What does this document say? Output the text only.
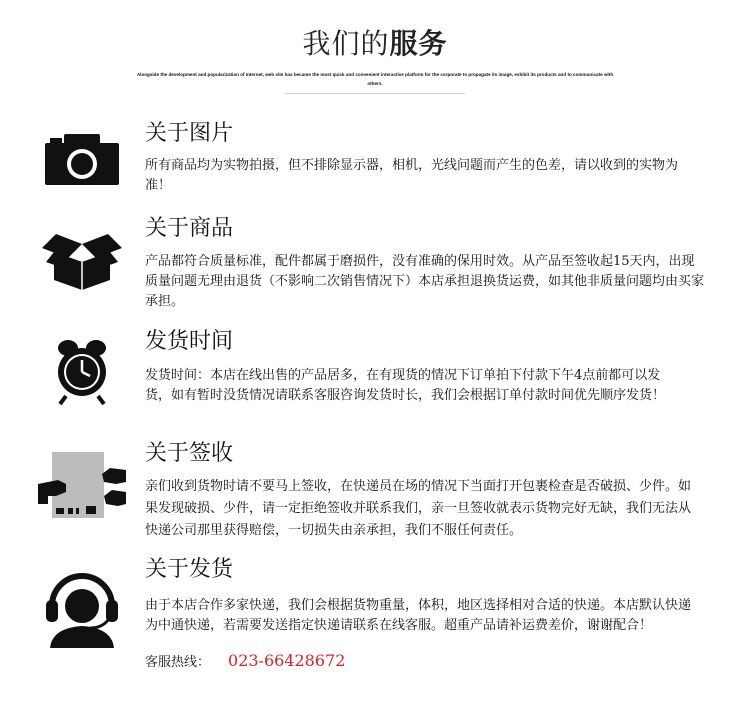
我们的服务
Alongside the development and popularization of Internet, web site has became the most quick and convenient interactive platform for the corporate to propagate its image, exhibit its products and to communicate with others.
关于图片
所有商品均为实物拍摄，但不排除显示器，相机，光线问题而产生的色差，请以收到的实物为准！
关于商品
产品都符合质量标准，配件都属于磨损件，没有准确的保用时效。从产品至签收起15天内，出现质量问题无理由退货（不影响二次销售情况下）本店承担退换货运费，如其他非质量问题均由买家承担。
发货时间
发货时间：本店在线出售的产品居多，在有现货的情况下订单拍下付款下午4点前都可以发货，如有暂时没货情况请联系客服咨询发货时长，我们会根据订单付款时间优先顺序发货！
关于签收
亲们收到货物时请不要马上签收，在快递员在场的情况下当面打开包裹检查是否破损、少件。如果发现破损、少件，请一定拒绝签收并联系我们，亲一旦签收就表示货物完好无缺，我们无法从快递公司那里获得赔偿，一切损失由亲承担，我们不服任何责任。
关于发货
由于本店合作多家快递，我们会根据货物重量，体积，地区选择相对合适的快递。本店默认快递为中通快递，若需要发送指定快递请联系在线客服。超重产品请补运费差价，谢谢配合！
客服热线： 023-66428672
